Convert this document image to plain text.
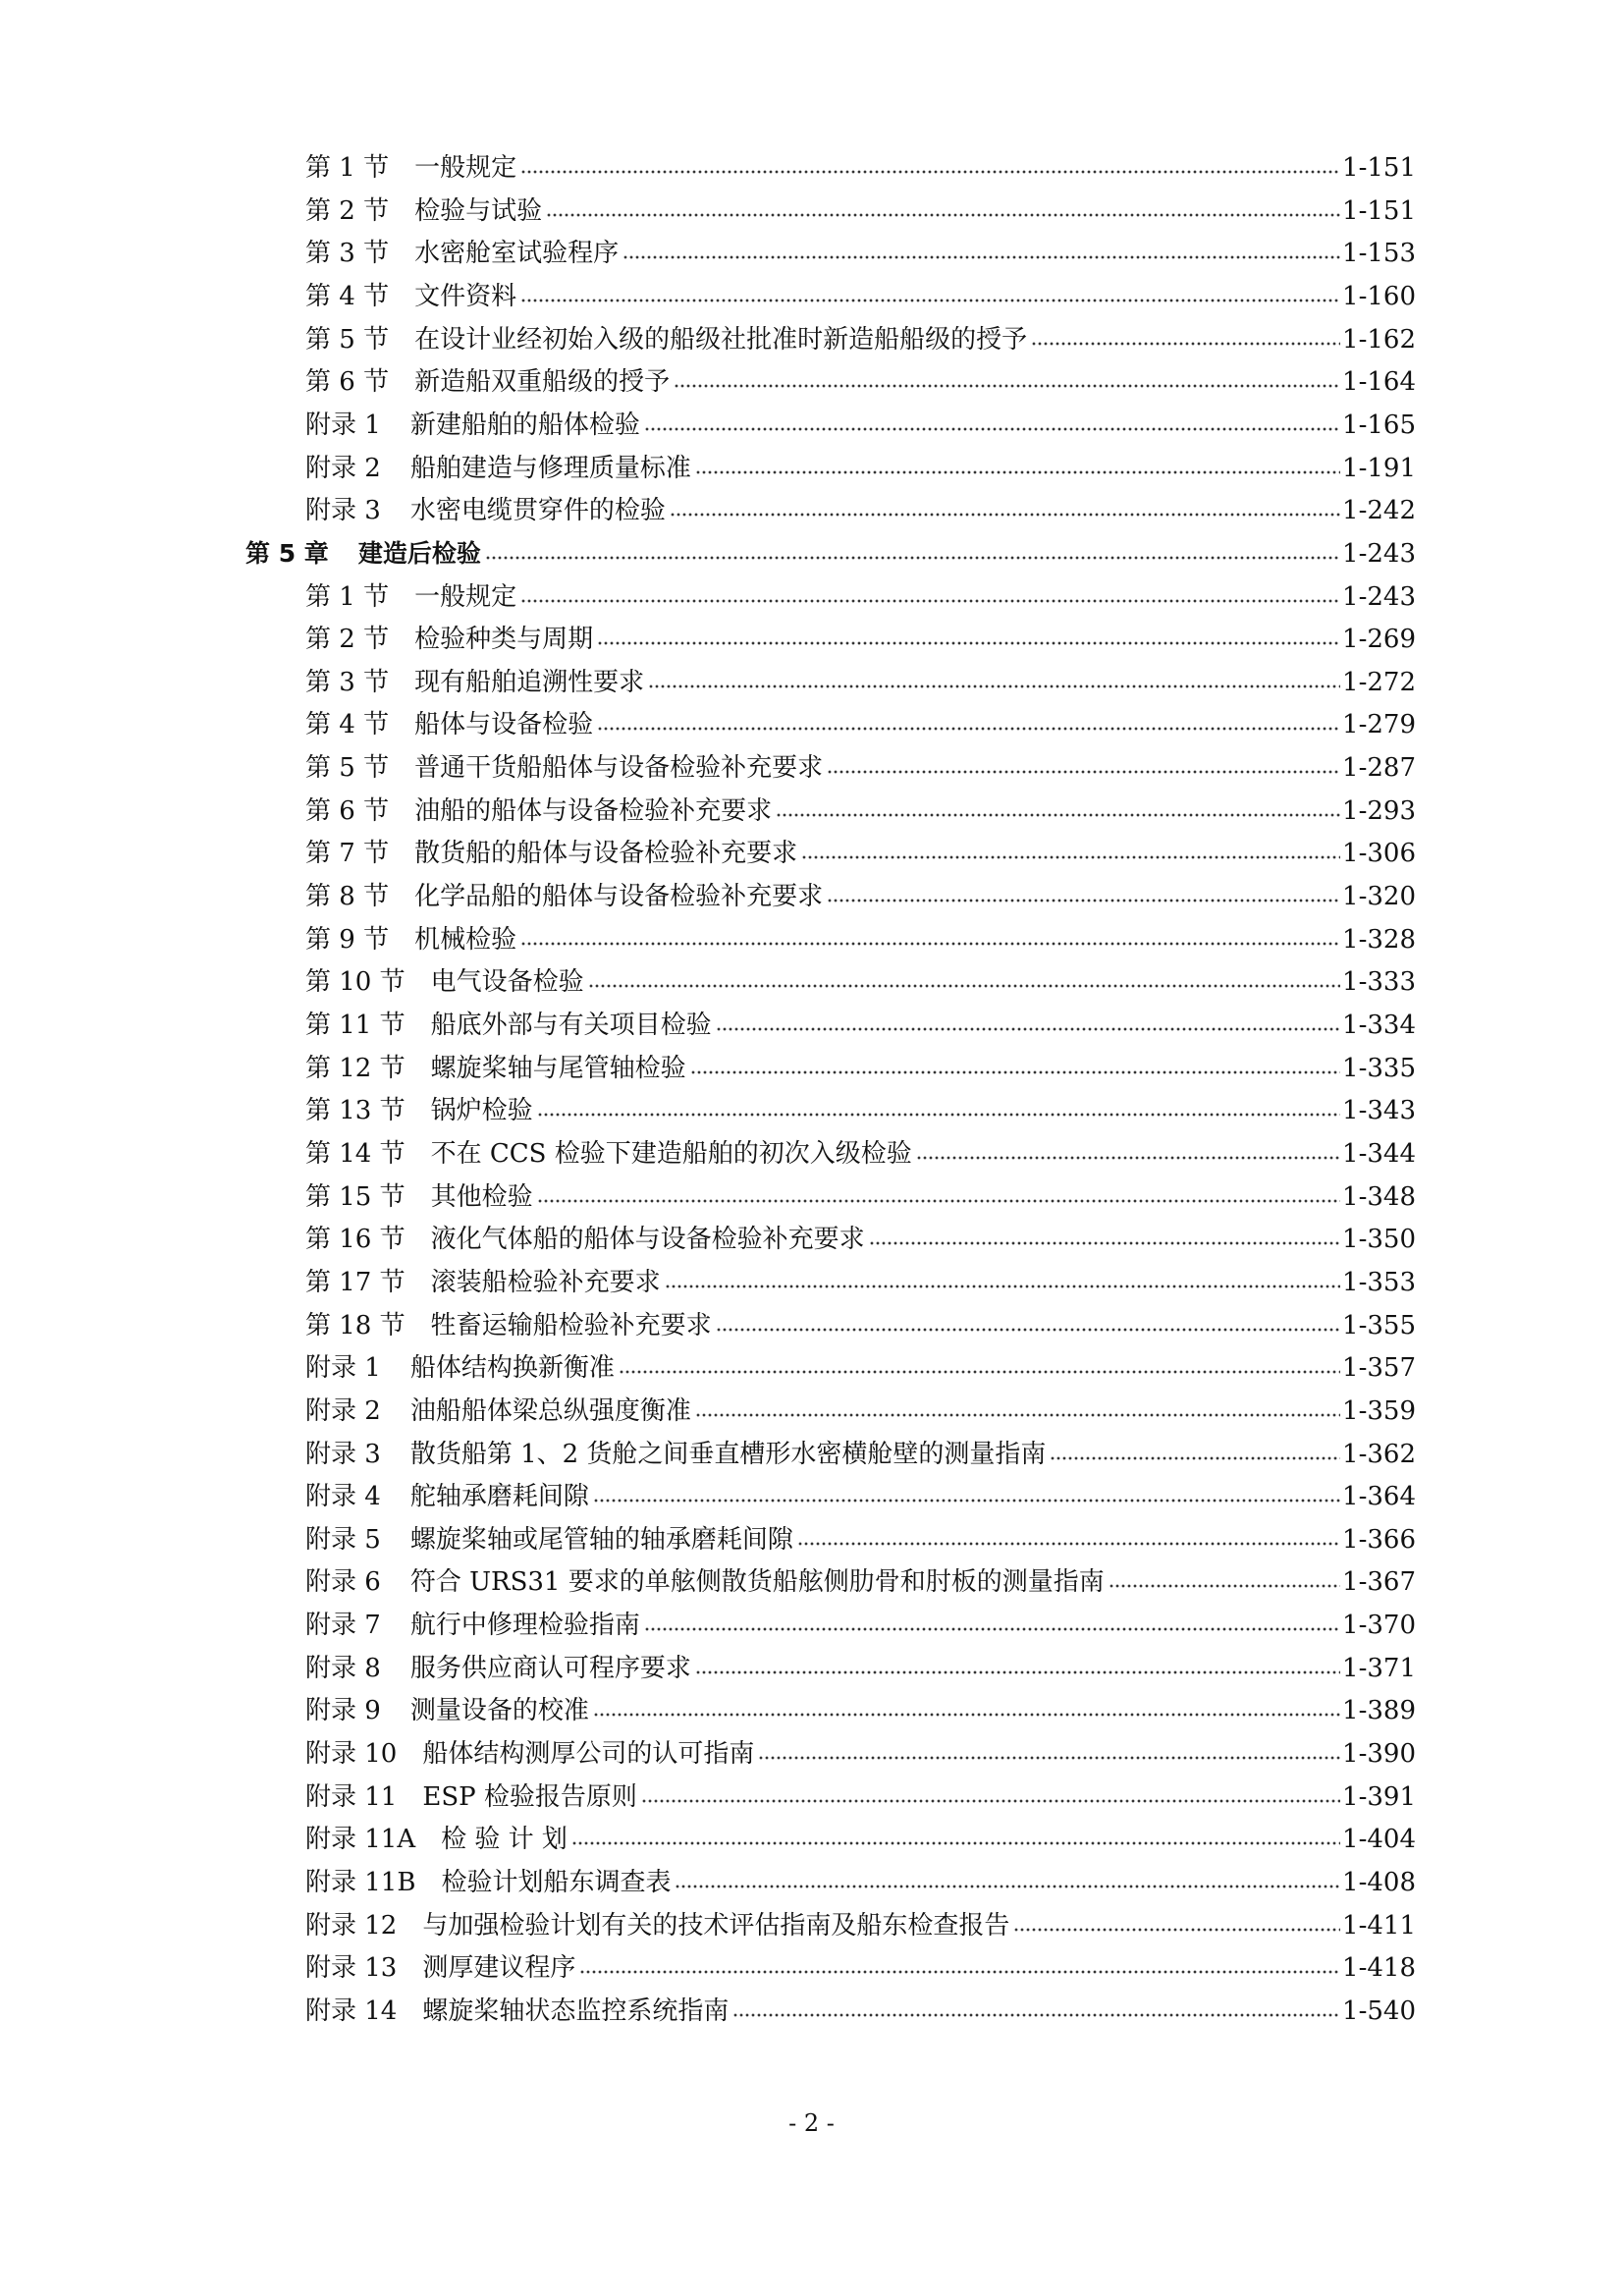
第 1 节 一般规定	1-151
第 2 节 检验与试验	1-151
第 3 节 水密舱室试验程序	1-153
第 4 节 文件资料	1-160
第 5 节 在设计业经初始入级的船级社批准时新造船船级的授予	1-162
第 6 节 新造船双重船级的授予	1-164
附录 1 新建船舶的船体检验	1-165
附录 2 船舶建造与修理质量标准	1-191
附录 3 水密电缆贯穿件的检验	1-242
第 5 章 建造后检验	1-243
第 1 节 一般规定	1-243
第 2 节 检验种类与周期	1-269
第 3 节 现有船舶追溯性要求	1-272
第 4 节 船体与设备检验	1-279
第 5 节 普通干货船船体与设备检验补充要求	1-287
第 6 节 油船的船体与设备检验补充要求	1-293
第 7 节 散货船的船体与设备检验补充要求	1-306
第 8 节 化学品船的船体与设备检验补充要求	1-320
第 9 节 机械检验	1-328
第 10 节 电气设备检验	1-333
第 11 节 船底外部与有关项目检验	1-334
第 12 节 螺旋桨轴与尾管轴检验	1-335
第 13 节 锅炉检验	1-343
第 14 节 不在 CCS 检验下建造船舶的初次入级检验	1-344
第 15 节 其他检验	1-348
第 16 节 液化气体船的船体与设备检验补充要求	1-350
第 17 节 滚装船检验补充要求	1-353
第 18 节 牲畜运输船检验补充要求	1-355
附录 1 船体结构换新衡准	1-357
附录 2 油船船体梁总纵强度衡准	1-359
附录 3 散货船第 1、2 货舱之间垂直槽形水密横舱壁的测量指南	1-362
附录 4 舵轴承磨耗间隙	1-364
附录 5 螺旋桨轴或尾管轴的轴承磨耗间隙	1-366
附录 6 符合 URS31 要求的单舷侧散货船舷侧肋骨和肘板的测量指南	1-367
附录 7 航行中修理检验指南	1-370
附录 8 服务供应商认可程序要求	1-371
附录 9 测量设备的校准	1-389
附录 10 船体结构测厚公司的认可指南	1-390
附录 11 ESP 检验报告原则	1-391
附录 11A 检 验 计 划	1-404
附录 11B 检验计划船东调查表	1-408
附录 12 与加强检验计划有关的技术评估指南及船东检查报告	1-411
附录 13 测厚建议程序	1-418
附录 14 螺旋桨轴状态监控系统指南	1-540
- 2 -
